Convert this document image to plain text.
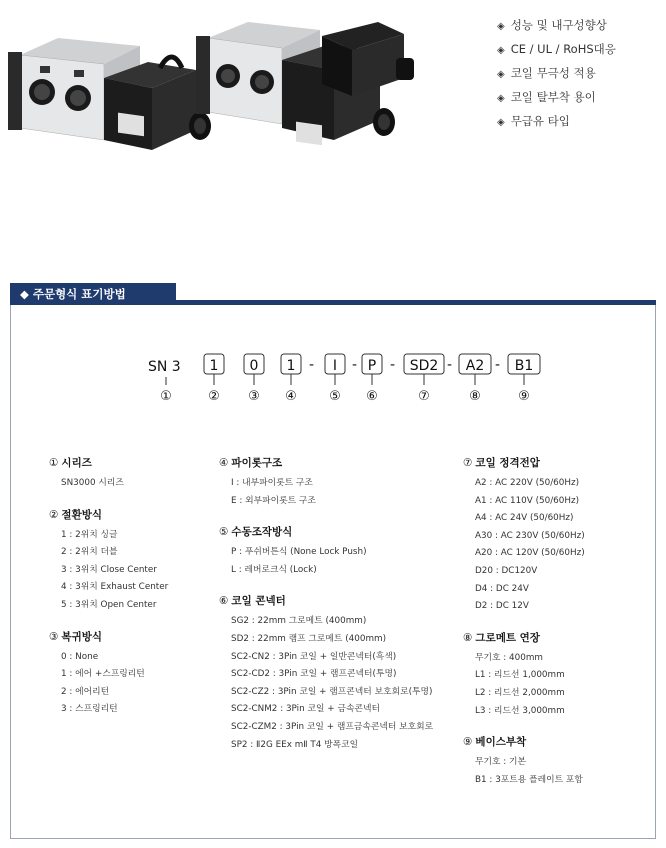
◈ 성능 및 내구성향상
◈ CE / UL / RoHS대응
◈ 코일 무극성 적용
◈ 코일 탈부착 용이
◈ 무급유 타입
◆ 주문형식 표기방법
SN 3 1 0 1 - I - P - SD2 - A2 - B1
①	② ③ ④ ⑤ ⑥	⑦	⑧	⑨
① 시리즈
SN3000 시리즈
② 절환방식
1 : 2위치 싱글
2 : 2위치 더블
3 : 3위치 Close Center
4 : 3위치 Exhaust Center
5 : 3위치 Open Center
③ 복귀방식
0 : None
1 : 에어 +스프링리턴
2 : 에어리턴
3 : 스프링리턴
④ 파이롯구조
I : 내부파이롯트 구조
E : 외부파이롯트 구조
⑤ 수동조작방식
P : 푸쉬버튼식 (None Lock Push)
L : 레버로크식 (Lock)
⑥ 코일 콘넥터
SG2 : 22mm 그로메트 (400mm)
SD2 : 22mm 램프 그로메트 (400mm)
SC2-CN2 : 3Pin 코일 + 일반콘넥터(흑색)
SC2-CD2 : 3Pin 코일 + 램프콘넥터(투명)
SC2-CZ2 : 3Pin 코일 + 램프콘넥터 보호회로(투명)
SC2-CNM2 : 3Pin 코일 + 금속콘넥터
SC2-CZM2 : 3Pin 코일 + 램프금속콘넥터 보호회로
SP2 : Ⅱ2G EEx mⅡ T4 방폭코일
⑦ 코일 정격전압
A2 : AC 220V (50/60Hz)
A1 : AC 110V (50/60Hz)
A4 : AC 24V (50/60Hz)
A30 : AC 230V (50/60Hz)
A20 : AC 120V (50/60Hz)
D20 : DC120V
D4 : DC 24V
D2 : DC 12V
⑧ 그로메트 연장
무기호 : 400mm
L1 : 리드선 1,000mm
L2 : 리드선 2,000mm
L3 : 리드선 3,000mm
⑨ 베이스부착
무기호 : 기본
B1 : 3포트용 플레이트 포함
